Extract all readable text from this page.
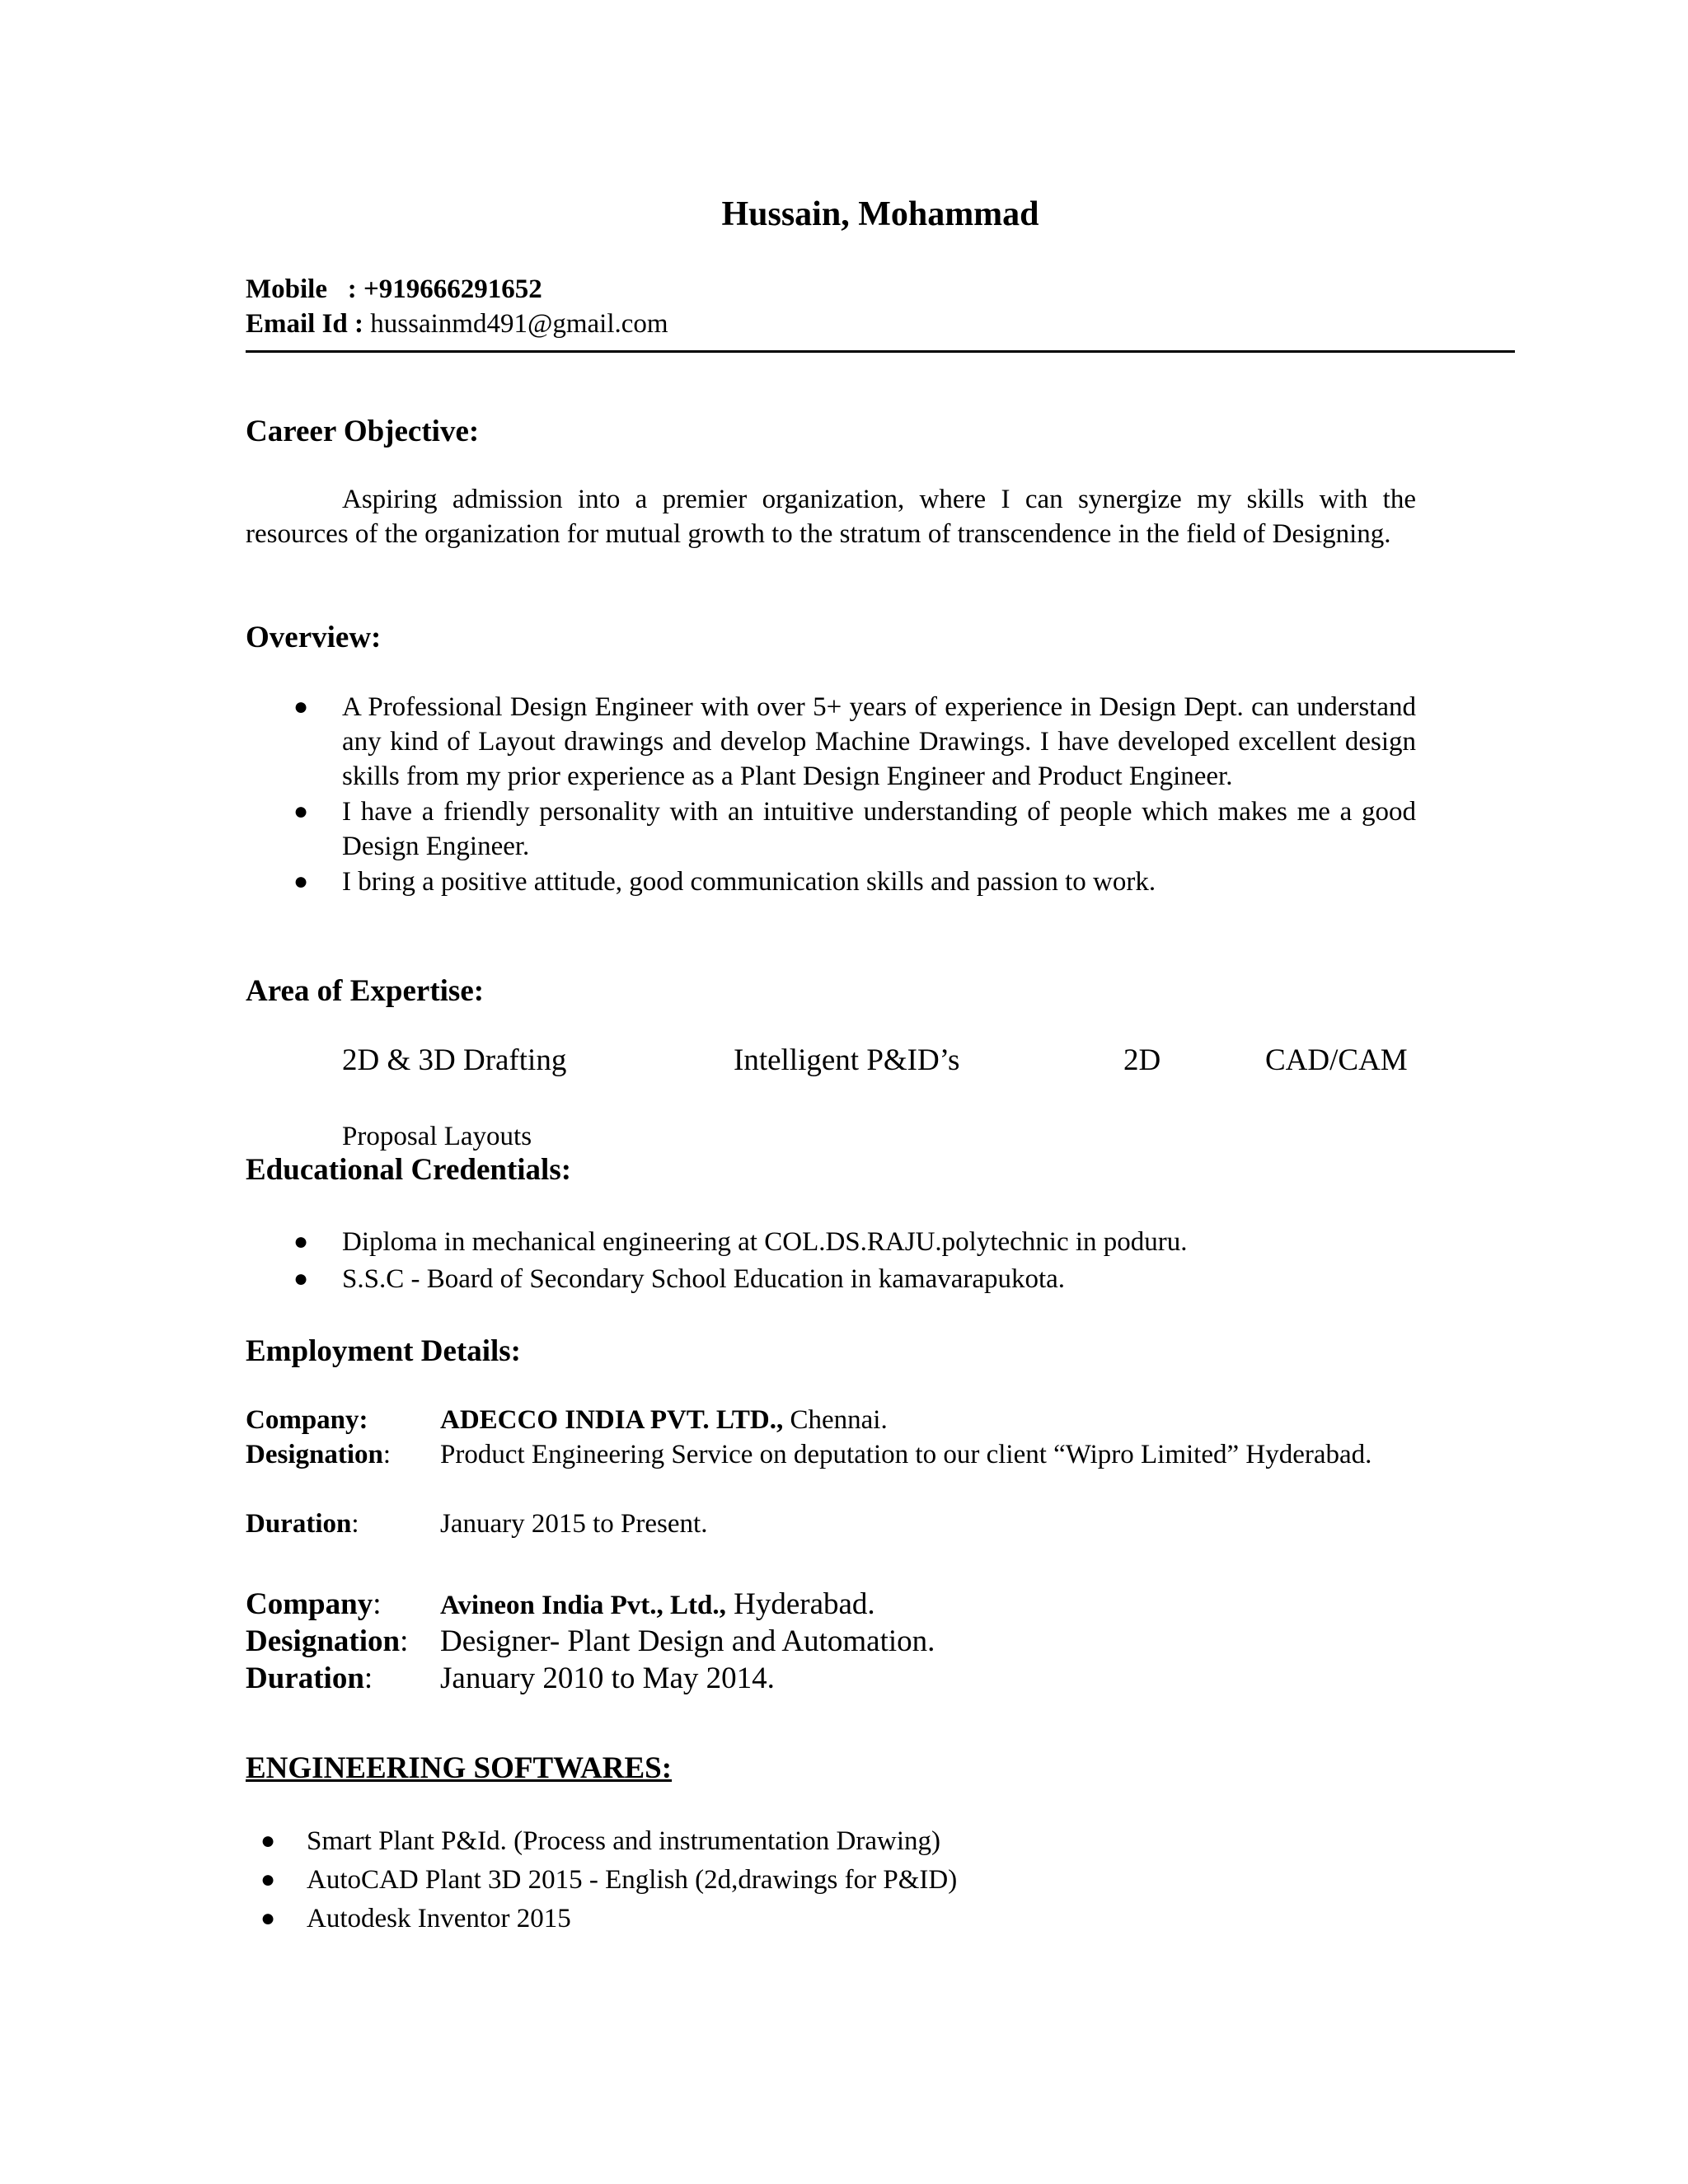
Hussain, Mohammad
Mobile   : +919666291652
Email Id : hussainmd491@gmail.com
Career Objective:
Aspiring admission into a premier organization, where I can synergize my skills with the resources of the organization for mutual growth to the stratum of transcendence in the field of Designing.
Overview:
● A Professional Design Engineer with over 5+ years of experience in Design Dept. can understand any kind of Layout drawings and develop Machine Drawings. I have developed excellent design skills from my prior experience as a Plant Design Engineer and Product Engineer.
● I have a friendly personality with an intuitive understanding of people which makes me a good Design Engineer.
● I bring a positive attitude, good communication skills and passion to work.
Area of Expertise:
2D & 3D Drafting	Intelligent P&ID’s	2D	CAD/CAM
Proposal Layouts
Educational Credentials:
● Diploma in mechanical engineering at COL.DS.RAJU.polytechnic in poduru.
● S.S.C - Board of Secondary School Education in kamavarapukota.
Employment Details:
Company:	ADECCO INDIA PVT. LTD., Chennai.
Designation: Product Engineering Service on deputation to our client “Wipro Limited” Hyderabad.
Duration:	January 2015 to Present.
Company: Avineon India Pvt., Ltd., Hyderabad.
Designation: Designer- Plant Design and Automation.
Duration: January 2010 to May 2014.
ENGINEERING SOFTWARES:
● Smart Plant P&Id. (Process and instrumentation Drawing)
● AutoCAD Plant 3D 2015 - English (2d,drawings for P&ID)
● Autodesk Inventor 2015
